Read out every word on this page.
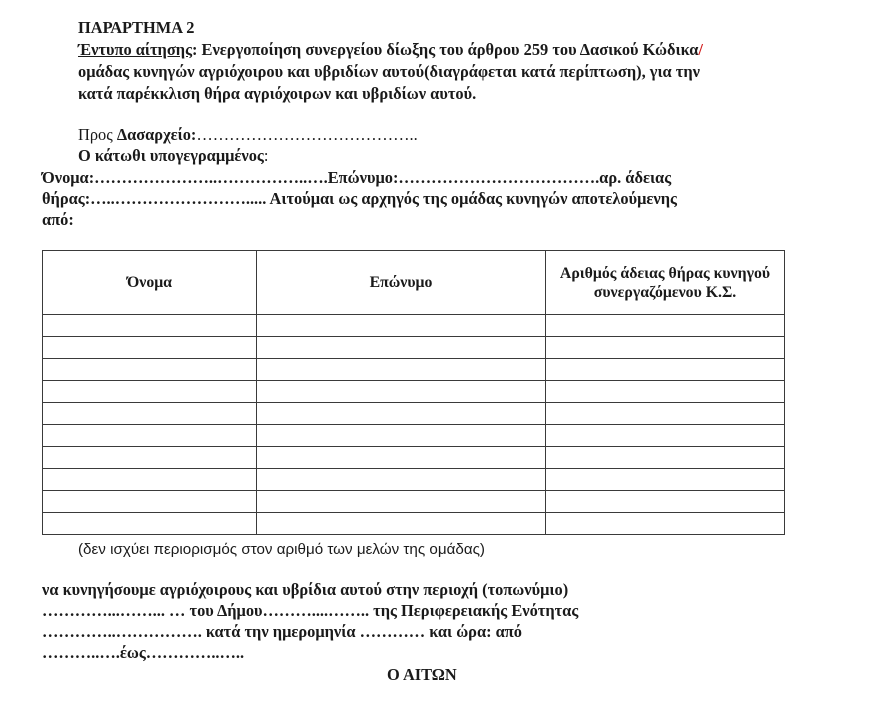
ΠΑΡΑΡΤΗΜΑ 2
Έντυπο αίτησης: Ενεργοποίηση συνεργείου δίωξης του άρθρου 259 του Δασικού Κώδικα/
ομάδας κυνηγών αγριόχοιρου και υβριδίων αυτού(διαγράφεται κατά περίπτωση), για την
κατά παρέκκλιση θήρα αγριόχοιρων και υβριδίων αυτού.
Προς Δασαρχείο:…………………………………..
Ο κάτωθι υπογεγραμμένος:
Όνομα:…………………..……………..….Επώνυμο:……………………………….αρ. άδειας
θήρας:…..……………………..... Αιτούμαι ως αρχηγός της ομάδας κυνηγών αποτελούμενης
από:
Όνομα	Επώνυμο	Αριθμός άδειας θήρας κυνηγού συνεργαζόμενου Κ.Σ.

(δεν ισχύει περιορισμός στον αριθμό των μελών της ομάδας)
να κυνηγήσουμε αγριόχοιρους και υβρίδια αυτού στην περιοχή (τοπωνύμιο)
…………...……... … του Δήμου………....…….. της Περιφερειακής Ενότητας
…………..……………. κατά την ημερομηνία ………… και ώρα: από
………..….έως…………..…..
Ο ΑΙΤΩΝ
